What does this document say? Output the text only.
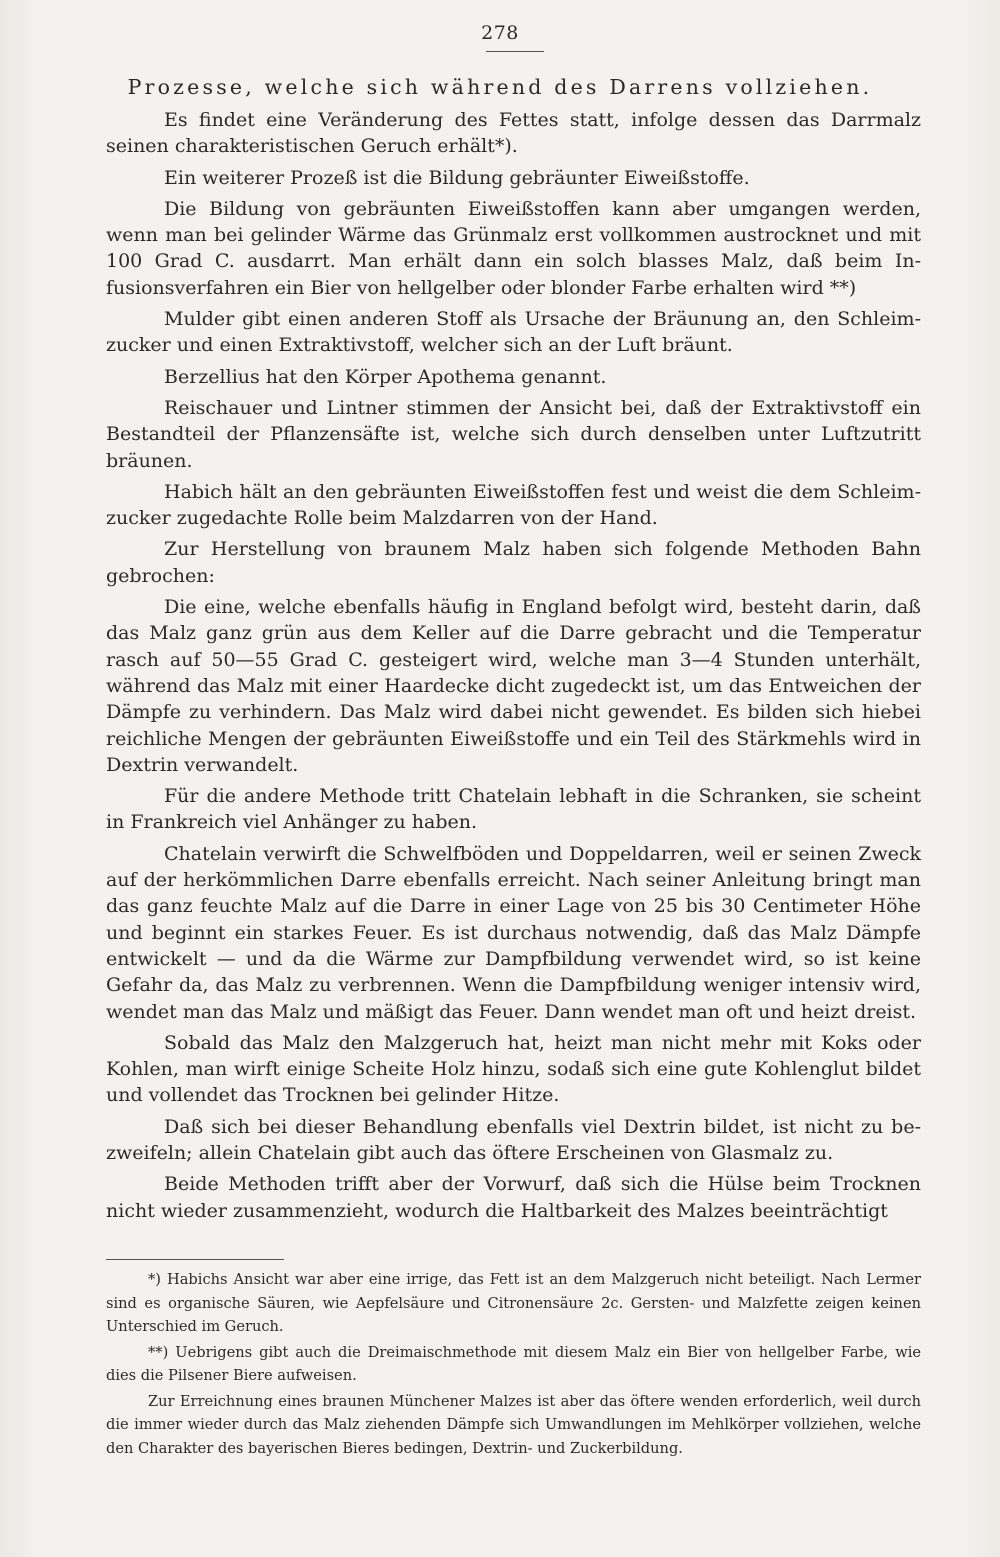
278
Prozesse, welche sich während des Darrens vollziehen.

Es findet eine Veränderung des Fettes statt, infolge dessen das Darrmalz seinen charakteristischen Geruch erhält*).

Ein weiterer Prozeß ist die Bildung gebräunter Eiweißstoffe.

Die Bildung von gebräunten Eiweißstoffen kann aber umgangen werden, wenn man bei gelinder Wärme das Grünmalz erst vollkommen austrocknet und mit 100 Grad C. ausdarrt. Man erhält dann ein solch blasses Malz, daß beim Infusionsverfahren ein Bier von hellgelber oder blonder Farbe erhalten wird **)

Mulder gibt einen anderen Stoff als Ursache der Bräunung an, den Schleimzucker und einen Extraktivstoff, welcher sich an der Luft bräunt.

Berzellius hat den Körper Apothema genannt.

Reischauer und Lintner stimmen der Ansicht bei, daß der Extraktivstoff ein Bestandteil der Pflanzensäfte ist, welche sich durch denselben unter Luftzutritt bräunen.

Habich hält an den gebräunten Eiweißstoffen fest und weist die dem Schleimzucker zugedachte Rolle beim Malzdarren von der Hand.

Zur Herstellung von braunem Malz haben sich folgende Methoden Bahn gebrochen:

Die eine, welche ebenfalls häufig in England befolgt wird, besteht darin, daß das Malz ganz grün aus dem Keller auf die Darre gebracht und die Temperatur rasch auf 50—55 Grad C. gesteigert wird, welche man 3—4 Stunden unterhält, während das Malz mit einer Haardecke dicht zugedeckt ist, um das Entweichen der Dämpfe zu verhindern. Das Malz wird dabei nicht gewendet. Es bilden sich hiebei reichliche Mengen der gebräunten Eiweißstoffe und ein Teil des Stärkmehls wird in Dextrin verwandelt.

Für die andere Methode tritt Chatelain lebhaft in die Schranken, sie scheint in Frankreich viel Anhänger zu haben.

Chatelain verwirft die Schwelfböden und Doppeldarren, weil er seinen Zweck auf der herkömmlichen Darre ebenfalls erreicht. Nach seiner Anleitung bringt man das ganz feuchte Malz auf die Darre in einer Lage von 25 bis 30 Centimeter Höhe und beginnt ein starkes Feuer. Es ist durchaus notwendig, daß das Malz Dämpfe entwickelt — und da die Wärme zur Dampfbildung verwendet wird, so ist keine Gefahr da, das Malz zu verbrennen. Wenn die Dampfbildung weniger intensiv wird, wendet man das Malz und mäßigt das Feuer. Dann wendet man oft und heizt dreist.

Sobald das Malz den Malzgeruch hat, heizt man nicht mehr mit Koks oder Kohlen, man wirft einige Scheite Holz hinzu, sodaß sich eine gute Kohlenglut bildet und vollendet das Trocknen bei gelinder Hitze.

Daß sich bei dieser Behandlung ebenfalls viel Dextrin bildet, ist nicht zu bezweifeln; allein Chatelain gibt auch das öftere Erscheinen von Glasmalz zu.

Beide Methoden trifft aber der Vorwurf, daß sich die Hülse beim Trocknen nicht wieder zusammenzieht, wodurch die Haltbarkeit des Malzes beeinträchtigt

*) Habichs Ansicht war aber eine irrige, das Fett ist an dem Malzgeruch nicht beteiligt. Nach Lermer sind es organische Säuren, wie Aepfelsäure und Citronensäure 2c. Gersten- und Malzfette zeigen keinen Unterschied im Geruch.

**) Uebrigens gibt auch die Dreimaischmethode mit diesem Malz ein Bier von hellgelber Farbe, wie dies die Pilsener Biere aufweisen.

Zur Erreichnung eines braunen Münchener Malzes ist aber das öftere wenden erforderlich, weil durch die immer wieder durch das Malz ziehenden Dämpfe sich Umwandlungen im Mehlkörper vollziehen, welche den Charakter des bayerischen Bieres bedingen, Dextrin- und Zuckerbildung.
